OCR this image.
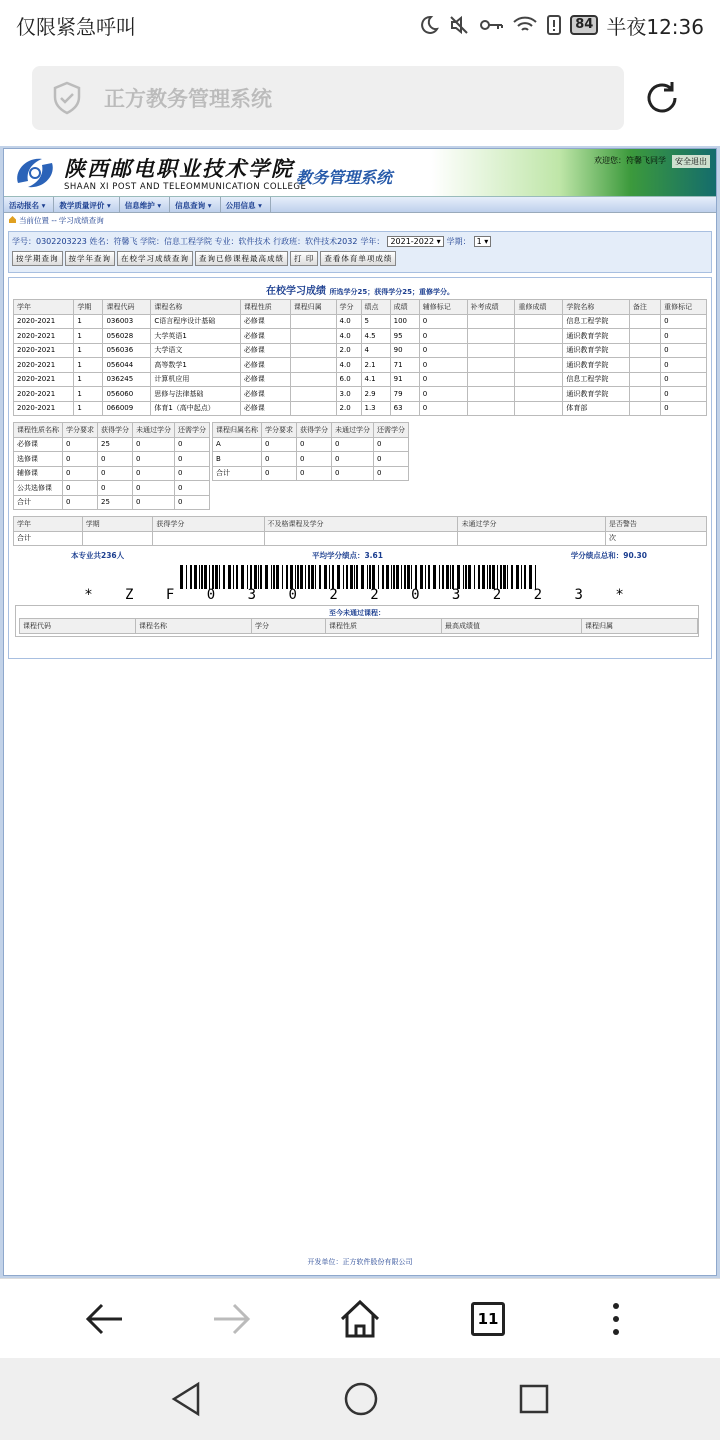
仅限紧急呼叫	84 半夜12:36
正方教务管理系统
陕西邮电职业技术学院
SHAAN XI POST AND TELEOMMUNICATION COLLEGE
教务管理系统
欢迎您：符馨飞同学	安全退出
活动报名 ▾	教学质量评价 ▾	信息维护 ▾	信息查询 ▾	公用信息 ▾
当前位置 -- 学习成绩查询
学号：0302203223 姓名：符馨飞 学院：信息工程学院 专业：软件技术 行政班：软件技术2032 学年： 2021-2022 ▾ 学期： 1 ▾
按学期查询	按学年查询	在校学习成绩查询	查询已修课程最高成绩	打 印	查看体育单项成绩
在校学习成绩 所选学分25；获得学分25；重修学分。
学年	学期	课程代码	课程名称	课程性质	课程归属	学分	绩点	成绩	辅修标记	补考成绩	重修成绩	学院名称	备注	重修标记
2020-2021	1	036003	C语言程序设计基础	必修课		4.0	5	100	0			信息工程学院		0
2020-2021	1	056028	大学英语1	必修课		4.0	4.5	95	0			通识教育学院		0
2020-2021	1	056036	大学语文	必修课		2.0	4	90	0			通识教育学院		0
2020-2021	1	056044	高等数学1	必修课		4.0	2.1	71	0			通识教育学院		0
2020-2021	1	036245	计算机应用	必修课		6.0	4.1	91	0			信息工程学院		0
2020-2021	1	056060	思修与法律基础	必修课		3.0	2.9	79	0			通识教育学院		0
2020-2021	1	066009	体育1（高中起点）	必修课		2.0	1.3	63	0			体育部		0
课程性质名称	学分要求	获得学分	未通过学分	还需学分
必修课	0	25	0	0
选修课	0	0	0	0
辅修课	0	0	0	0
公共选修课	0	0	0	0
合计	0	25	0	0
课程归属名称	学分要求	获得学分	未通过学分	还需学分
A	0	0	0	0
B	0	0	0	0
合计	0	0	0	0
学年	学期	获得学分	不及格课程及学分	未通过学分	是否警告
合计					次
本专业共236人	平均学分绩点：3.61	学分绩点总和：90.30
* Z F 0 3 0 2 2 0 3 2 2 3 *
至今未通过课程：
课程代码	课程名称	学分	课程性质	最高成绩值	课程归属
开发单位：正方软件股份有限公司
11
